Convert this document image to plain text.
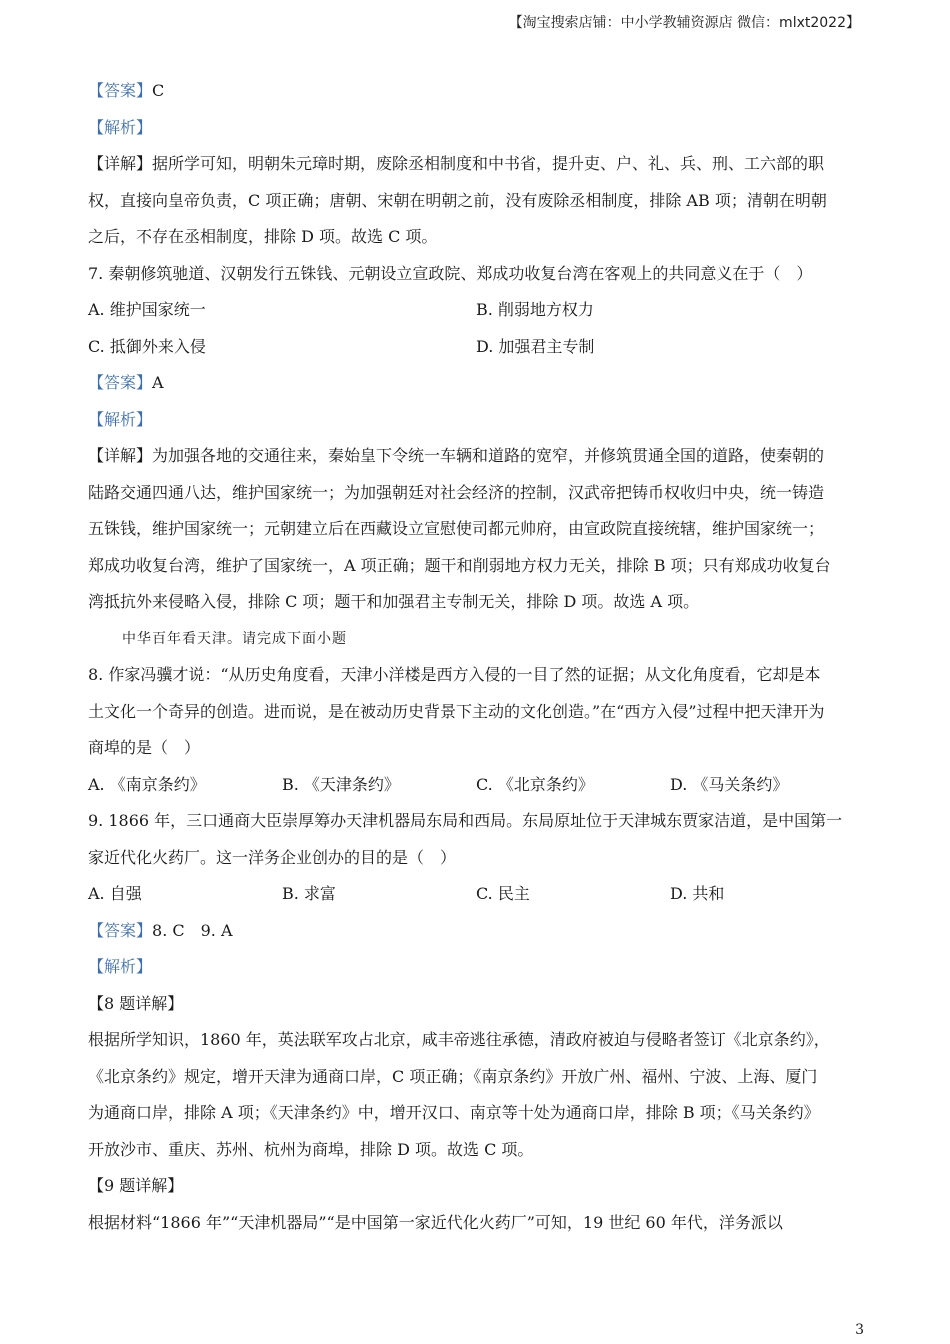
【淘宝搜索店铺：中小学教辅资源店 微信：mlxt2022】
【答案】C
【解析】
【详解】据所学可知，明朝朱元璋时期，废除丞相制度和中书省，提升吏、户、礼、兵、刑、工六部的职
权，直接向皇帝负责，C 项正确；唐朝、宋朝在明朝之前，没有废除丞相制度，排除 AB 项；清朝在明朝
之后，不存在丞相制度，排除 D 项。故选 C 项。
7. 秦朝修筑驰道、汉朝发行五铢钱、元朝设立宣政院、郑成功收复台湾在客观上的共同意义在于（　）
A. 维护国家统一	B. 削弱地方权力
C. 抵御外来入侵	D. 加强君主专制
【答案】A
【解析】
【详解】为加强各地的交通往来，秦始皇下令统一车辆和道路的宽窄，并修筑贯通全国的道路，使秦朝的
陆路交通四通八达，维护国家统一；为加强朝廷对社会经济的控制，汉武帝把铸币权收归中央，统一铸造
五铢钱，维护国家统一；元朝建立后在西藏设立宣慰使司都元帅府，由宣政院直接统辖，维护国家统一；
郑成功收复台湾，维护了国家统一，A 项正确；题干和削弱地方权力无关，排除 B 项；只有郑成功收复台
湾抵抗外来侵略入侵，排除 C 项；题干和加强君主专制无关，排除 D 项。故选 A 项。
中华百年看天津。请完成下面小题
8. 作家冯骥才说：“从历史角度看，天津小洋楼是西方入侵的一目了然的证据；从文化角度看，它却是本
土文化一个奇异的创造。进而说，是在被动历史背景下主动的文化创造。”在“西方入侵”过程中把天津开为
商埠的是（　）
A. 《南京条约》	B. 《天津条约》	C. 《北京条约》	D. 《马关条约》
9. 1866 年，三口通商大臣崇厚筹办天津机器局东局和西局。东局原址位于天津城东贾家洁道，是中国第一
家近代化火药厂。这一洋务企业创办的目的是（　）
A. 自强	B. 求富	C. 民主	D. 共和
【答案】8. C　9. A
【解析】
【8 题详解】
根据所学知识，1860 年，英法联军攻占北京，咸丰帝逃往承德，清政府被迫与侵略者签订《北京条约》，
《北京条约》规定，增开天津为通商口岸，C 项正确；《南京条约》开放广州、福州、宁波、上海、厦门
为通商口岸，排除 A 项；《天津条约》中，增开汉口、南京等十处为通商口岸，排除 B 项；《马关条约》
开放沙市、重庆、苏州、杭州为商埠，排除 D 项。故选 C 项。
【9 题详解】
根据材料“1866 年”“天津机器局”“是中国第一家近代化火药厂”可知，19 世纪 60 年代，洋务派以
3
